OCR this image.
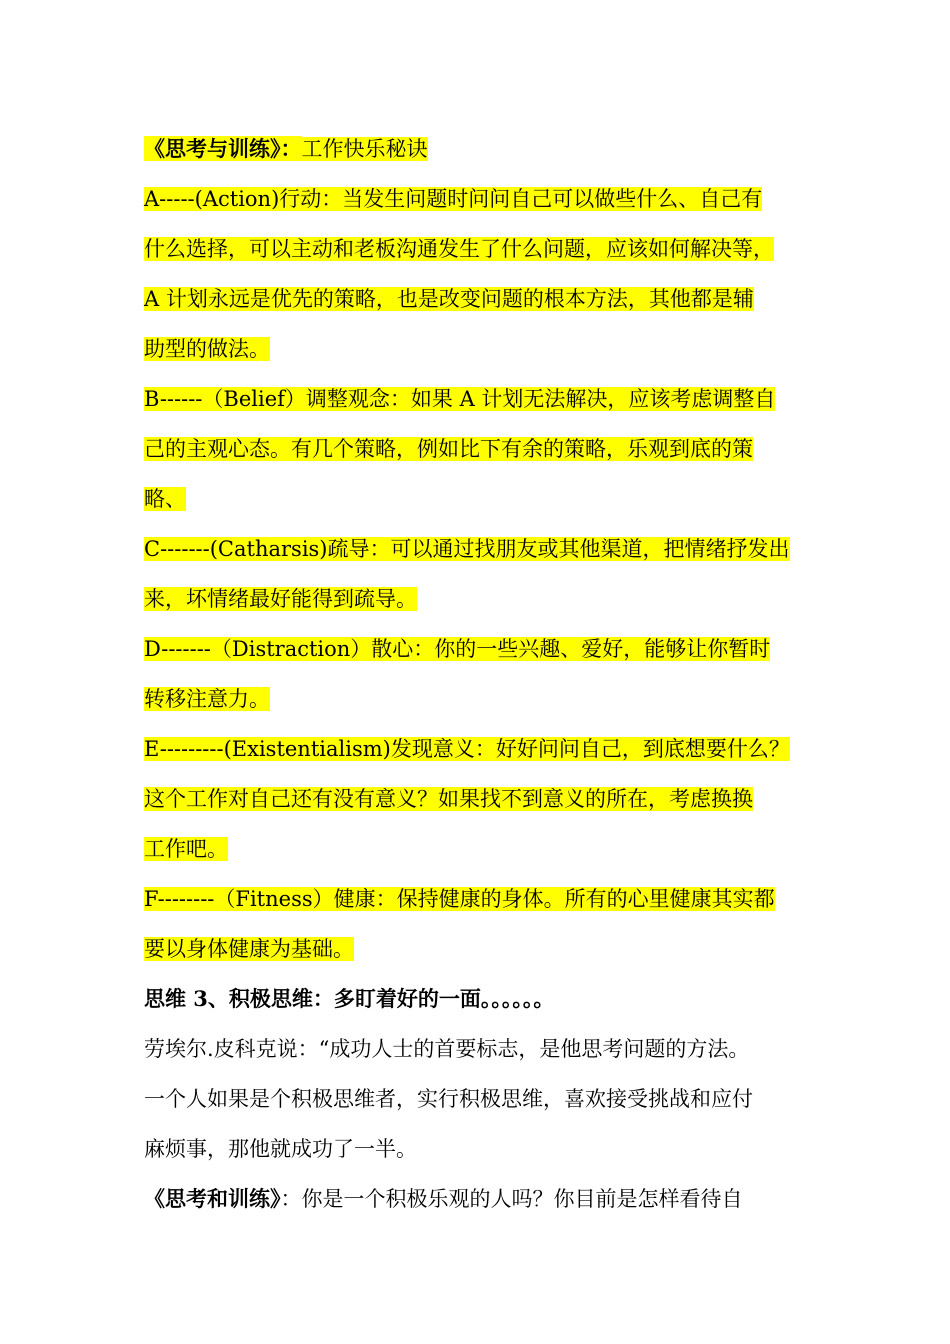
《思考与训练》：工作快乐秘诀
A-----(Action)行动：当发生问题时问问自己可以做些什么、自己有
什么选择，可以主动和老板沟通发生了什么问题，应该如何解决等，
A 计划永远是优先的策略，也是改变问题的根本方法，其他都是辅
助型的做法。
B------（Belief）调整观念：如果 A 计划无法解决，应该考虑调整自
己的主观心态。有几个策略，例如比下有余的策略，乐观到底的策
略、
C-------(Catharsis)疏导：可以通过找朋友或其他渠道，把情绪抒发出
来，坏情绪最好能得到疏导。
D-------（Distraction）散心：你的一些兴趣、爱好，能够让你暂时
转移注意力。
E---------(Existentialism)发现意义：好好问问自己，到底想要什么？
这个工作对自己还有没有意义？如果找不到意义的所在，考虑换换
工作吧。
F--------（Fitness）健康：保持健康的身体。所有的心里健康其实都
要以身体健康为基础。
思维 3、积极思维：多盯着好的一面。。。。。。
劳埃尔.皮科克说：“成功人士的首要标志，是他思考问题的方法。
一个人如果是个积极思维者，实行积极思维，喜欢接受挑战和应付
麻烦事，那他就成功了一半。
《思考和训练》：你是一个积极乐观的人吗？你目前是怎样看待自
